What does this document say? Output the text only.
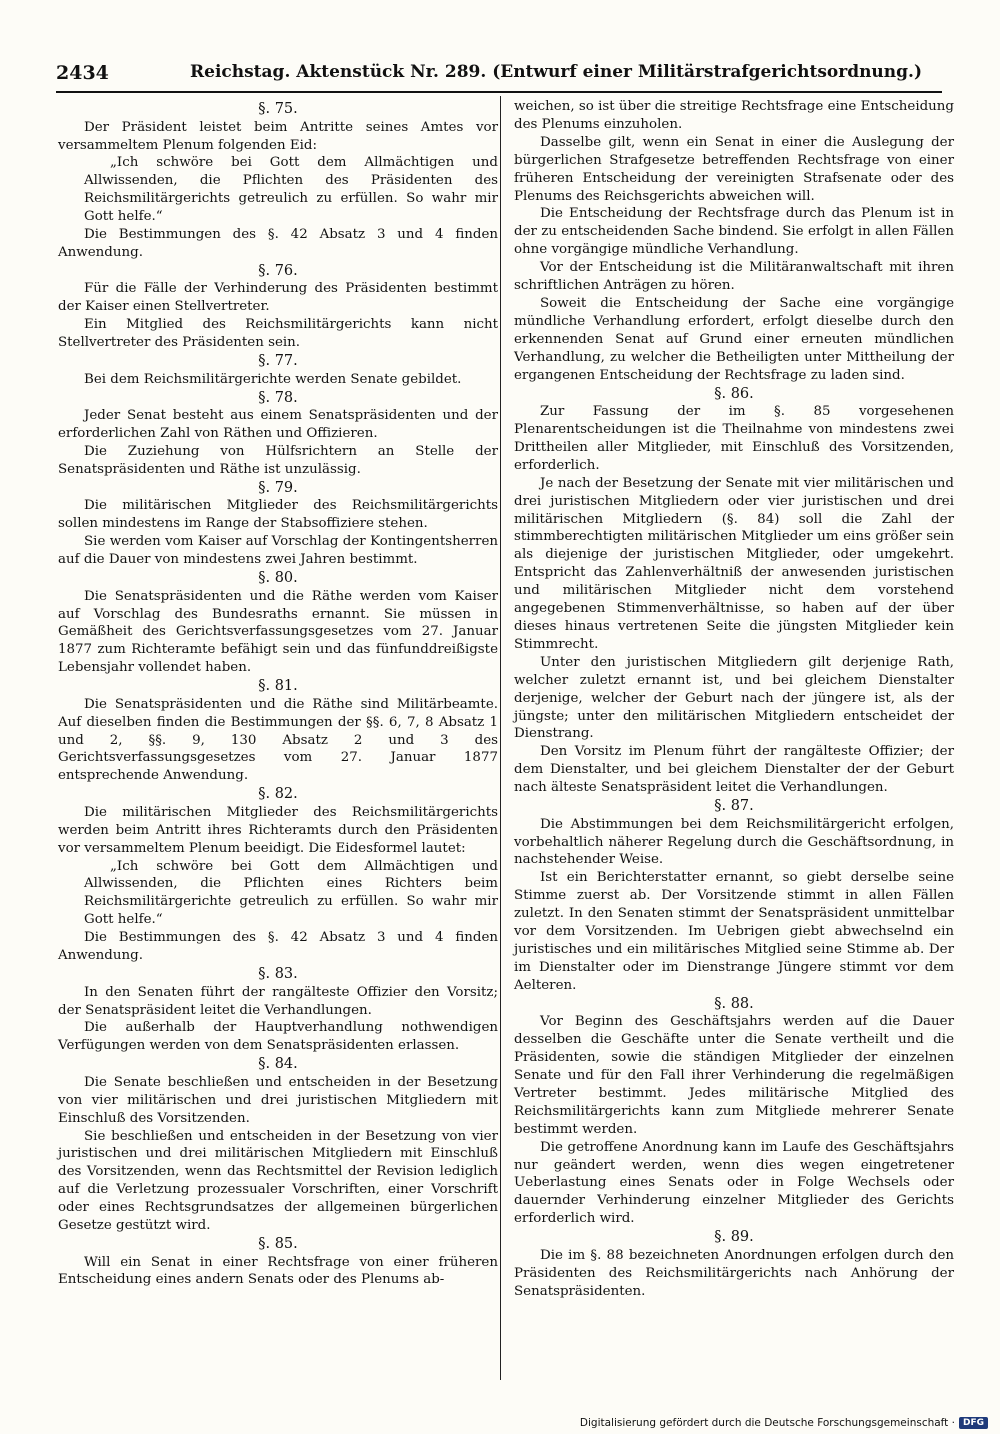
2434	Reichstag. Aktenstück Nr. 289. (Entwurf einer Militärstrafgerichtsordnung.)
§. 75.

Der Präsident leistet beim Antritte seines Amtes vor versammeltem Plenum folgenden Eid:

„Ich schwöre bei Gott dem Allmächtigen und Allwissenden, die Pflichten des Präsidenten des Reichsmilitärgerichts getreulich zu erfüllen. So wahr mir Gott helfe.“

Die Bestimmungen des §. 42 Absatz 3 und 4 finden Anwendung.

§. 76.

Für die Fälle der Verhinderung des Präsidenten bestimmt der Kaiser einen Stellvertreter.

Ein Mitglied des Reichsmilitärgerichts kann nicht Stellvertreter des Präsidenten sein.

§. 77.

Bei dem Reichsmilitärgerichte werden Senate gebildet.

§. 78.

Jeder Senat besteht aus einem Senatspräsidenten und der erforderlichen Zahl von Räthen und Offizieren.

Die Zuziehung von Hülfsrichtern an Stelle der Senatspräsidenten und Räthe ist unzulässig.

§. 79.

Die militärischen Mitglieder des Reichsmilitärgerichts sollen mindestens im Range der Stabsoffiziere stehen.

Sie werden vom Kaiser auf Vorschlag der Kontingentsherren auf die Dauer von mindestens zwei Jahren bestimmt.

§. 80.

Die Senatspräsidenten und die Räthe werden vom Kaiser auf Vorschlag des Bundesraths ernannt. Sie müssen in Gemäßheit des Gerichtsverfassungsgesetzes vom 27. Januar 1877 zum Richteramte befähigt sein und das fünfunddreißigste Lebensjahr vollendet haben.

§. 81.

Die Senatspräsidenten und die Räthe sind Militärbeamte. Auf dieselben finden die Bestimmungen der §§. 6, 7, 8 Absatz 1 und 2, §§. 9, 130 Absatz 2 und 3 des Gerichtsverfassungsgesetzes vom 27. Januar 1877 entsprechende Anwendung.

§. 82.

Die militärischen Mitglieder des Reichsmilitärgerichts werden beim Antritt ihres Richteramts durch den Präsidenten vor versammeltem Plenum beeidigt. Die Eidesformel lautet:

„Ich schwöre bei Gott dem Allmächtigen und Allwissenden, die Pflichten eines Richters beim Reichsmilitärgerichte getreulich zu erfüllen. So wahr mir Gott helfe.“

Die Bestimmungen des §. 42 Absatz 3 und 4 finden Anwendung.

§. 83.

In den Senaten führt der rangälteste Offizier den Vorsitz; der Senatspräsident leitet die Verhandlungen.

Die außerhalb der Hauptverhandlung nothwendigen Verfügungen werden von dem Senatspräsidenten erlassen.

§. 84.

Die Senate beschließen und entscheiden in der Besetzung von vier militärischen und drei juristischen Mitgliedern mit Einschluß des Vorsitzenden.

Sie beschließen und entscheiden in der Besetzung von vier juristischen und drei militärischen Mitgliedern mit Einschluß des Vorsitzenden, wenn das Rechtsmittel der Revision lediglich auf die Verletzung prozessualer Vorschriften, einer Vorschrift oder eines Rechtsgrundsatzes der allgemeinen bürgerlichen Gesetze gestützt wird.

§. 85.

Will ein Senat in einer Rechtsfrage von einer früheren Entscheidung eines andern Senats oder des Plenums ab-

weichen, so ist über die streitige Rechtsfrage eine Entscheidung des Plenums einzuholen.

Dasselbe gilt, wenn ein Senat in einer die Auslegung der bürgerlichen Strafgesetze betreffenden Rechtsfrage von einer früheren Entscheidung der vereinigten Strafsenate oder des Plenums des Reichsgerichts abweichen will.

Die Entscheidung der Rechtsfrage durch das Plenum ist in der zu entscheidenden Sache bindend. Sie erfolgt in allen Fällen ohne vorgängige mündliche Verhandlung.

Vor der Entscheidung ist die Militäranwaltschaft mit ihren schriftlichen Anträgen zu hören.

Soweit die Entscheidung der Sache eine vorgängige mündliche Verhandlung erfordert, erfolgt dieselbe durch den erkennenden Senat auf Grund einer erneuten mündlichen Verhandlung, zu welcher die Betheiligten unter Mittheilung der ergangenen Entscheidung der Rechtsfrage zu laden sind.

§. 86.

Zur Fassung der im §. 85 vorgesehenen Plenarentscheidungen ist die Theilnahme von mindestens zwei Drittheilen aller Mitglieder, mit Einschluß des Vorsitzenden, erforderlich.

Je nach der Besetzung der Senate mit vier militärischen und drei juristischen Mitgliedern oder vier juristischen und drei militärischen Mitgliedern (§. 84) soll die Zahl der stimmberechtigten militärischen Mitglieder um eins größer sein als diejenige der juristischen Mitglieder, oder umgekehrt. Entspricht das Zahlenverhältniß der anwesenden juristischen und militärischen Mitglieder nicht dem vorstehend angegebenen Stimmenverhältnisse, so haben auf der über dieses hinaus vertretenen Seite die jüngsten Mitglieder kein Stimmrecht.

Unter den juristischen Mitgliedern gilt derjenige Rath, welcher zuletzt ernannt ist, und bei gleichem Dienstalter derjenige, welcher der Geburt nach der jüngere ist, als der jüngste; unter den militärischen Mitgliedern entscheidet der Dienstrang.

Den Vorsitz im Plenum führt der rangälteste Offizier; der dem Dienstalter, und bei gleichem Dienstalter der der Geburt nach älteste Senatspräsident leitet die Verhandlungen.

§. 87.

Die Abstimmungen bei dem Reichsmilitärgericht erfolgen, vorbehaltlich näherer Regelung durch die Geschäftsordnung, in nachstehender Weise.

Ist ein Berichterstatter ernannt, so giebt derselbe seine Stimme zuerst ab. Der Vorsitzende stimmt in allen Fällen zuletzt. In den Senaten stimmt der Senatspräsident unmittelbar vor dem Vorsitzenden. Im Uebrigen giebt abwechselnd ein juristisches und ein militärisches Mitglied seine Stimme ab. Der im Dienstalter oder im Dienstrange Jüngere stimmt vor dem Aelteren.

§. 88.

Vor Beginn des Geschäftsjahrs werden auf die Dauer desselben die Geschäfte unter die Senate vertheilt und die Präsidenten, sowie die ständigen Mitglieder der einzelnen Senate und für den Fall ihrer Verhinderung die regelmäßigen Vertreter bestimmt. Jedes militärische Mitglied des Reichsmilitärgerichts kann zum Mitgliede mehrerer Senate bestimmt werden.

Die getroffene Anordnung kann im Laufe des Geschäftsjahrs nur geändert werden, wenn dies wegen eingetretener Ueberlastung eines Senats oder in Folge Wechsels oder dauernder Verhinderung einzelner Mitglieder des Gerichts erforderlich wird.

§. 89.

Die im §. 88 bezeichneten Anordnungen erfolgen durch den Präsidenten des Reichsmilitärgerichts nach Anhörung der Senatspräsidenten.

Digitalisierung gefördert durch die Deutsche Forschungsgemeinschaft · DFG
